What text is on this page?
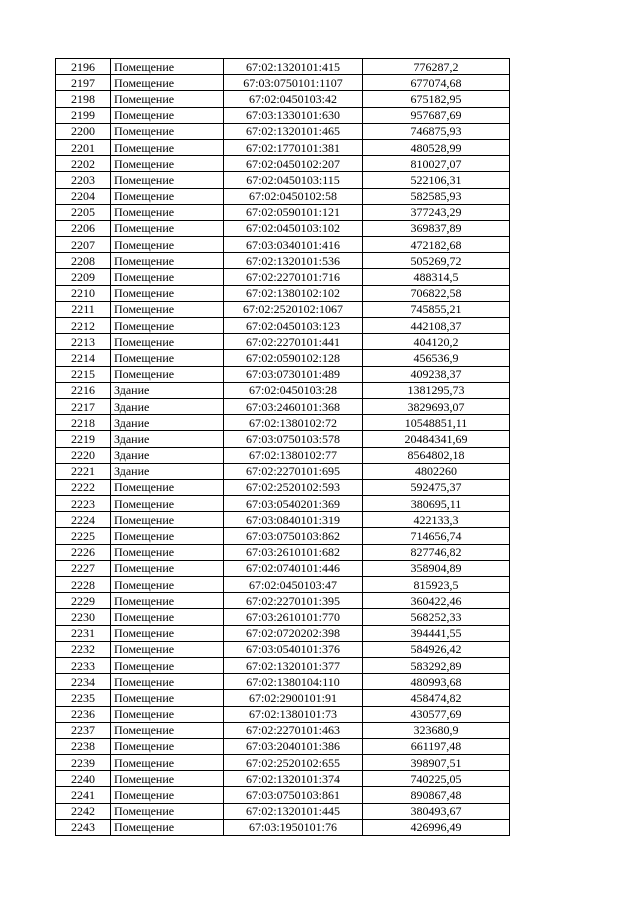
2196	Помещение	67:02:1320101:415	776287,2
2197	Помещение	67:03:0750101:1107	677074,68
2198	Помещение	67:02:0450103:42	675182,95
2199	Помещение	67:03:1330101:630	957687,69
2200	Помещение	67:02:1320101:465	746875,93
2201	Помещение	67:02:1770101:381	480528,99
2202	Помещение	67:02:0450102:207	810027,07
2203	Помещение	67:02:0450103:115	522106,31
2204	Помещение	67:02:0450102:58	582585,93
2205	Помещение	67:02:0590101:121	377243,29
2206	Помещение	67:02:0450103:102	369837,89
2207	Помещение	67:03:0340101:416	472182,68
2208	Помещение	67:02:1320101:536	505269,72
2209	Помещение	67:02:2270101:716	488314,5
2210	Помещение	67:02:1380102:102	706822,58
2211	Помещение	67:02:2520102:1067	745855,21
2212	Помещение	67:02:0450103:123	442108,37
2213	Помещение	67:02:2270101:441	404120,2
2214	Помещение	67:02:0590102:128	456536,9
2215	Помещение	67:03:0730101:489	409238,37
2216	Здание	67:02:0450103:28	1381295,73
2217	Здание	67:03:2460101:368	3829693,07
2218	Здание	67:02:1380102:72	10548851,11
2219	Здание	67:03:0750103:578	20484341,69
2220	Здание	67:02:1380102:77	8564802,18
2221	Здание	67:02:2270101:695	4802260
2222	Помещение	67:02:2520102:593	592475,37
2223	Помещение	67:03:0540201:369	380695,11
2224	Помещение	67:03:0840101:319	422133,3
2225	Помещение	67:03:0750103:862	714656,74
2226	Помещение	67:03:2610101:682	827746,82
2227	Помещение	67:02:0740101:446	358904,89
2228	Помещение	67:02:0450103:47	815923,5
2229	Помещение	67:02:2270101:395	360422,46
2230	Помещение	67:03:2610101:770	568252,33
2231	Помещение	67:02:0720202:398	394441,55
2232	Помещение	67:03:0540101:376	584926,42
2233	Помещение	67:02:1320101:377	583292,89
2234	Помещение	67:02:1380104:110	480993,68
2235	Помещение	67:02:2900101:91	458474,82
2236	Помещение	67:02:1380101:73	430577,69
2237	Помещение	67:02:2270101:463	323680,9
2238	Помещение	67:03:2040101:386	661197,48
2239	Помещение	67:02:2520102:655	398907,51
2240	Помещение	67:02:1320101:374	740225,05
2241	Помещение	67:03:0750103:861	890867,48
2242	Помещение	67:02:1320101:445	380493,67
2243	Помещение	67:03:1950101:76	426996,49
